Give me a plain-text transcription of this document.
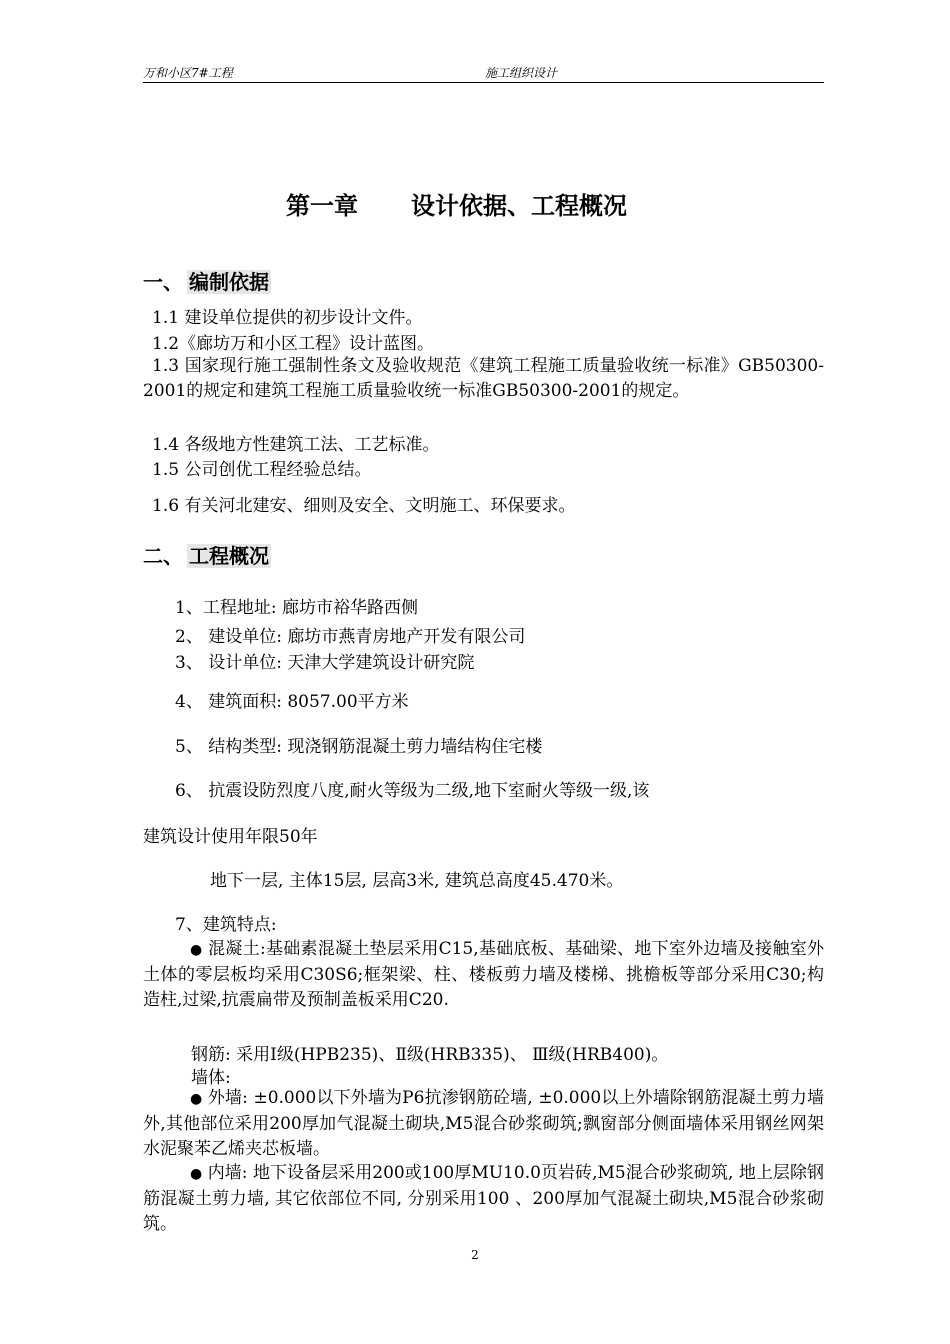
万和小区7#工程	施工组织设计
第一章 设计依据、工程概况
一、 编制依据
1.1 建设单位提供的初步设计文件。
1.2《廊坊万和小区工程》设计蓝图。
1.3 国家现行施工强制性条文及验收规范《建筑工程施工质量验收统一标准》GB50300-2001的规定和建筑工程施工质量验收统一标准GB50300-2001的规定。
1.4 各级地方性建筑工法、工艺标准。
1.5 公司创优工程经验总结。
1.6 有关河北建安、细则及安全、文明施工、环保要求。
二、 工程概况
1、工程地址: 廊坊市裕华路西侧
2、 建设单位: 廊坊市燕青房地产开发有限公司
3、 设计单位: 天津大学建筑设计研究院
4、 建筑面积: 8057.00平方米
5、 结构类型: 现浇钢筋混凝土剪力墙结构住宅楼
6、 抗震设防烈度八度,耐火等级为二级,地下室耐火等级一级,该
建筑设计使用年限50年
地下一层, 主体15层, 层高3米, 建筑总高度45.470米。
7、建筑特点:
● 混凝土:基础素混凝土垫层采用C15,基础底板、基础梁、地下室外边墙及接触室外土体的零层板均采用C30S6;框架梁、柱、楼板剪力墙及楼梯、挑檐板等部分采用C30;构造柱,过梁,抗震扁带及预制盖板采用C20.
钢筋: 采用Ⅰ级(HPB235)、Ⅱ级(HRB335)、 Ⅲ级(HRB400)。
墙体:
● 外墙: ±0.000以下外墙为P6抗渗钢筋砼墙, ±0.000以上外墙除钢筋混凝土剪力墙外,其他部位采用200厚加气混凝土砌块,M5混合砂浆砌筑;飘窗部分侧面墙体采用钢丝网架水泥聚苯乙烯夹芯板墙。
● 内墙: 地下设备层采用200或100厚MU10.0页岩砖,M5混合砂浆砌筑, 地上层除钢筋混凝土剪力墙, 其它依部位不同, 分别采用100 、200厚加气混凝土砌块,M5混合砂浆砌筑。
2
